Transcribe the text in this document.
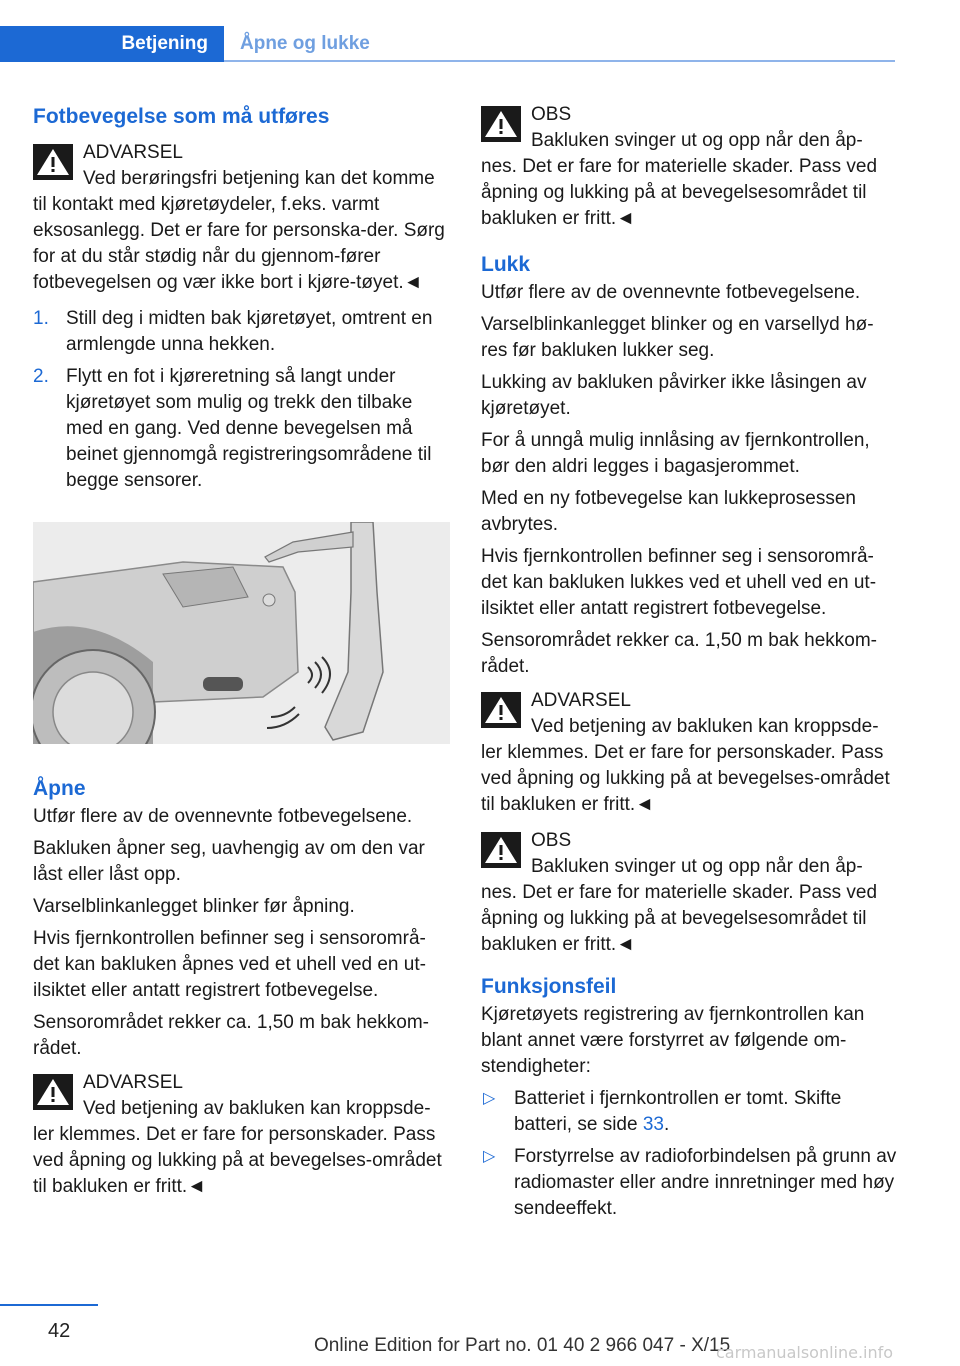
Betjening	Åpne og lukke
Fotbevegelse som må utføres
ADVARSEL

Ved berøringsfri betjening kan det komme til kontakt med kjøretøydeler, f.eks. varmt eksosanlegg. Det er fare for personska-der. Sørg for at du står stødig når du gjennom-fører fotbevegelsen og vær ikke bort i kjøre-tøyet.◄

1. Still deg i midten bak kjøretøyet, omtrent en armlengde unna hekken.
2. Flytt en fot i kjøreretning så langt under kjøretøyet som mulig og trekk den tilbake med en gang. Ved denne bevegelsen må beinet gjennomgå registreringsområdene til begge sensorer.
Åpne

Utfør flere av de ovennevnte fotbevegelsene.

Bakluken åpner seg, uavhengig av om den var låst eller låst opp.

Varselblinkanlegget blinker før åpning.

Hvis fjernkontrollen befinner seg i sensorområ-det kan bakluken åpnes ved et uhell ved en ut-ilsiktet eller antatt registrert fotbevegelse.

Sensorområdet rekker ca. 1,50 m bak hekkom-rådet.

ADVARSEL

Ved betjening av bakluken kan kroppsde-ler klemmes. Det er fare for personskader. Pass ved åpning og lukking på at bevegelses-området til bakluken er fritt.◄

OBS

Bakluken svinger ut og opp når den åp-nes. Det er fare for materielle skader. Pass ved åpning og lukking på at bevegelsesområdet til bakluken er fritt.◄

Lukk

Utfør flere av de ovennevnte fotbevegelsene.

Varselblinkanlegget blinker og en varsellyd hø-res før bakluken lukker seg.

Lukking av bakluken påvirker ikke låsingen av kjøretøyet.

For å unngå mulig innlåsing av fjernkontrollen, bør den aldri legges i bagasjerommet.

Med en ny fotbevegelse kan lukkeprosessen avbrytes.

Hvis fjernkontrollen befinner seg i sensorområ-det kan bakluken lukkes ved et uhell ved en ut-ilsiktet eller antatt registrert fotbevegelse.

Sensorområdet rekker ca. 1,50 m bak hekkom-rådet.

ADVARSEL

Ved betjening av bakluken kan kroppsde-ler klemmes. Det er fare for personskader. Pass ved åpning og lukking på at bevegelses-området til bakluken er fritt.◄

OBS

Bakluken svinger ut og opp når den åp-nes. Det er fare for materielle skader. Pass ved åpning og lukking på at bevegelsesområdet til bakluken er fritt.◄

Funksjonsfeil

Kjøretøyets registrering av fjernkontrollen kan blant annet være forstyrret av følgende om-stendigheter:

▷ Batteriet i fjernkontrollen er tomt. Skifte batteri, se side 33.
▷ Forstyrrelse av radioforbindelsen på grunn av radiomaster eller andre innretninger med høy sendeeffekt.
42
Online Edition for Part no. 01 40 2 966 047 - X/15
carmanualsonline.info
